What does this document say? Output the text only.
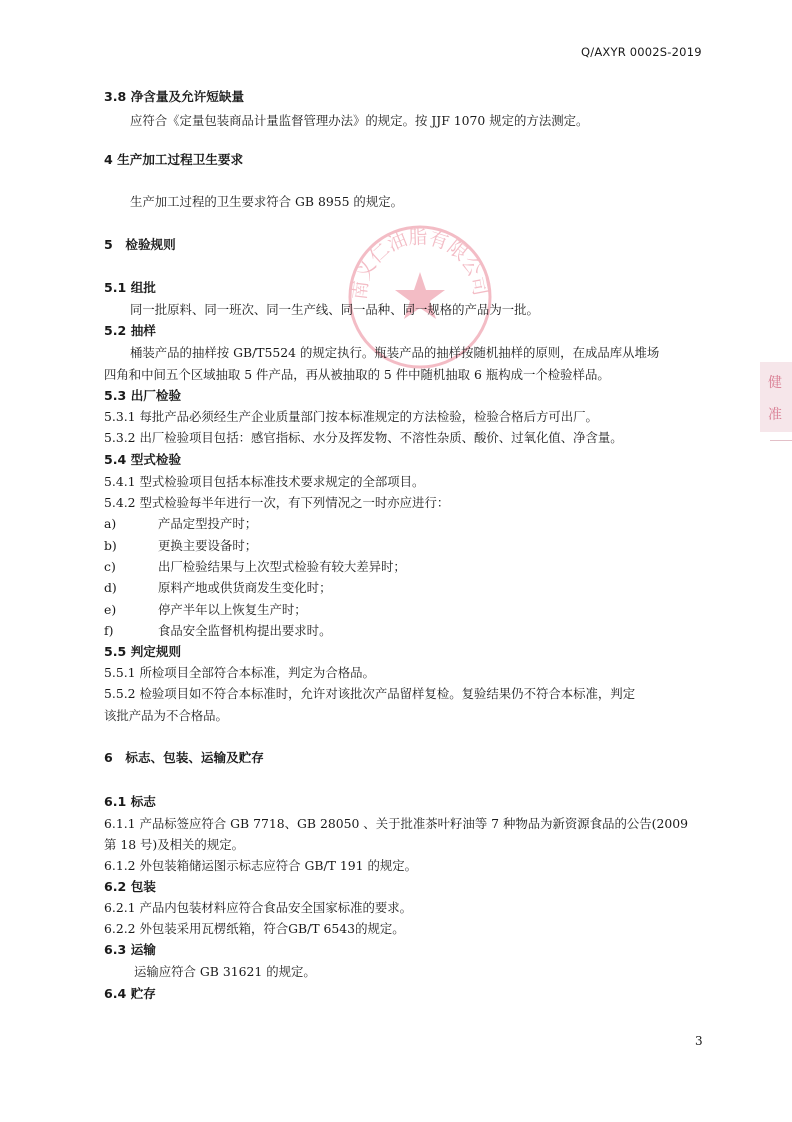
Q/AXYR 0002S-2019
南义仁油脂有限公司
健
准
3.8 净含量及允许短缺量
应符合《定量包装商品计量监督管理办法》的规定。按 JJF 1070 规定的方法测定。
4 生产加工过程卫生要求
生产加工过程的卫生要求符合 GB 8955 的规定。
5　检验规则
5.1 组批
同一批原料、同一班次、同一生产线、同一品种、同一规格的产品为一批。
5.2 抽样
桶装产品的抽样按 GB/T5524 的规定执行。瓶装产品的抽样按随机抽样的原则，在成品库从堆场
四角和中间五个区域抽取 5 件产品，再从被抽取的 5 件中随机抽取 6 瓶构成一个检验样品。
5.3 出厂检验
5.3.1 每批产品必须经生产企业质量部门按本标准规定的方法检验，检验合格后方可出厂。
5.3.2 出厂检验项目包括：感官指标、水分及挥发物、不溶性杂质、酸价、过氧化值、净含量。
5.4 型式检验
5.4.1 型式检验项目包括本标准技术要求规定的全部项目。
5.4.2 型式检验每半年进行一次，有下列情况之一时亦应进行：
a)	产品定型投产时；
b)	更换主要设备时；
c)	出厂检验结果与上次型式检验有较大差异时；
d)	原料产地或供货商发生变化时；
e)	停产半年以上恢复生产时；
f)	食品安全监督机构提出要求时。
5.5 判定规则
5.5.1 所检项目全部符合本标准，判定为合格品。
5.5.2 检验项目如不符合本标准时，允许对该批次产品留样复检。复验结果仍不符合本标准，判定
该批产品为不合格品。
6　标志、包装、运输及贮存
6.1 标志
6.1.1 产品标签应符合 GB 7718、GB 28050 、关于批准茶叶籽油等 7 种物品为新资源食品的公告(2009
第 18 号)及相关的规定。
6.1.2 外包装箱储运图示标志应符合 GB/T 191 的规定。
6.2 包装
6.2.1 产品内包装材料应符合食品安全国家标准的要求。
6.2.2 外包装采用瓦楞纸箱，符合GB/T 6543的规定。
6.3 运输
运输应符合 GB 31621 的规定。
6.4 贮存
3
